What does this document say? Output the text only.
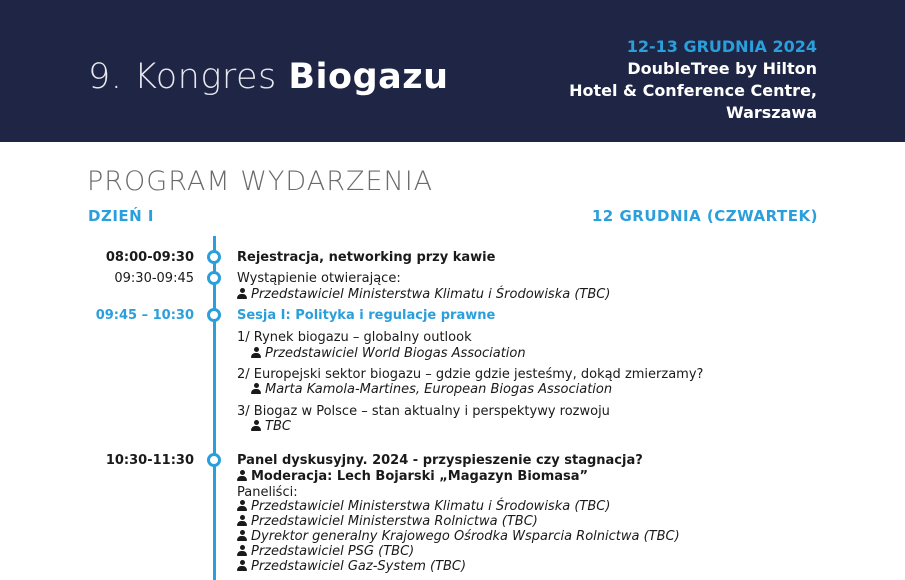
9. Kongres Biogazu
12-13 GRUDNIA 2024
DoubleTree by Hilton
Hotel & Conference Centre,
Warszawa
PROGRAM WYDARZENIA
DZIEŃ I	12 GRUDNIA (CZWARTEK)
08:00-09:30	Rejestracja, networking przy kawie
09:30-09:45	Wystąpienie otwierające:
Przedstawiciel Ministerstwa Klimatu i Środowiska (TBC)
09:45 – 10:30	Sesja I: Polityka i regulacje prawne
1/ Rynek biogazu – globalny outlook
Przedstawiciel World Biogas Association
2/ Europejski sektor biogazu – gdzie gdzie jesteśmy, dokąd zmierzamy?
Marta Kamola-Martines, European Biogas Association
3/ Biogaz w Polsce – stan aktualny i perspektywy rozwoju
TBC
10:30-11:30	Panel dyskusyjny. 2024 - przyspieszenie czy stagnacja?
Moderacja: Lech Bojarski „Magazyn Biomasa”
Paneliści:
Przedstawiciel Ministerstwa Klimatu i Środowiska (TBC)
Przedstawiciel Ministerstwa Rolnictwa (TBC)
Dyrektor generalny Krajowego Ośrodka Wsparcia Rolnictwa (TBC)
Przedstawiciel PSG (TBC)
Przedstawiciel Gaz-System (TBC)
